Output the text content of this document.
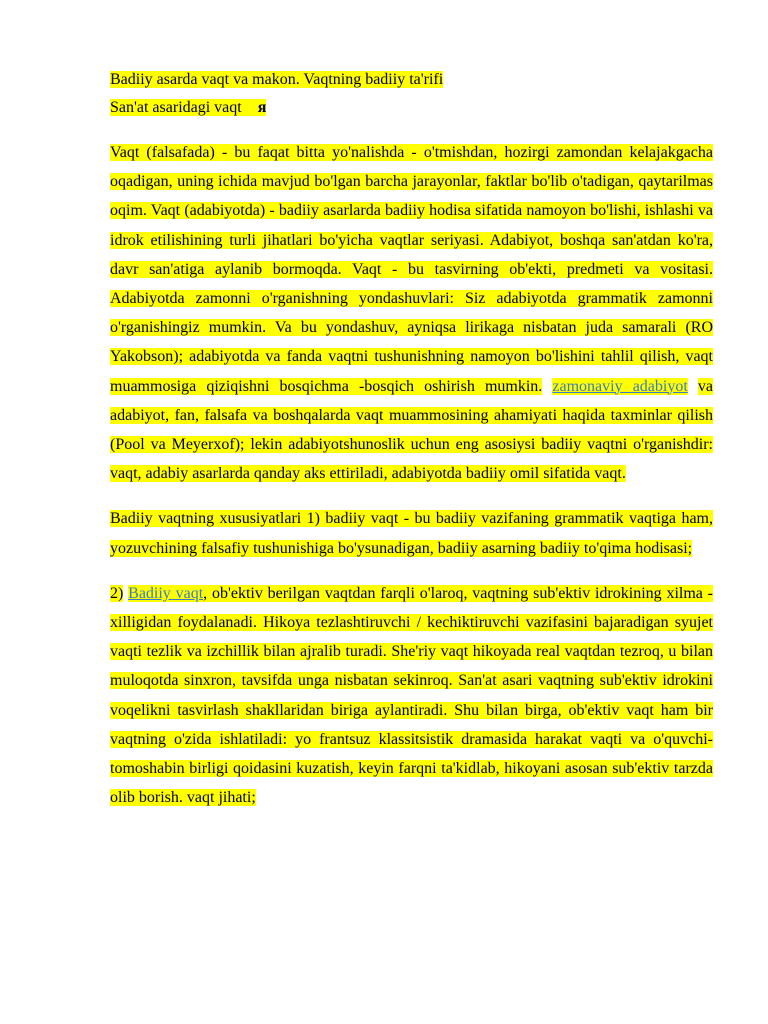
Badiiy asarda vaqt va makon. Vaqtning badiiy ta'rifi

San'at asaridagi vaqt я

Vaqt (falsafada) - bu faqat bitta yo'nalishda - o'tmishdan, hozirgi zamondan kelajakgacha oqadigan, uning ichida mavjud bo'lgan barcha jarayonlar, faktlar bo'lib o'tadigan, qaytarilmas oqim. Vaqt (adabiyotda) - badiiy asarlarda badiiy hodisa sifatida namoyon bo'lishi, ishlashi va idrok etilishining turli jihatlari bo'yicha vaqtlar seriyasi. Adabiyot, boshqa san'atdan ko'ra, davr san'atiga aylanib bormoqda. Vaqt - bu tasvirning ob'ekti, predmeti va vositasi. Adabiyotda zamonni o'rganishning yondashuvlari: Siz adabiyotda grammatik zamonni o'rganishingiz mumkin. Va bu yondashuv, ayniqsa lirikaga nisbatan juda samarali (RO Yakobson); adabiyotda va fanda vaqtni tushunishning namoyon bo'lishini tahlil qilish, vaqt muammosiga qiziqishni bosqichma -bosqich oshirish mumkin. zamonaviy adabiyot va adabiyot, fan, falsafa va boshqalarda vaqt muammosining ahamiyati haqida taxminlar qilish (Pool va Meyerxof); lekin adabiyotshunoslik uchun eng asosiysi badiiy vaqtni o'rganishdir: vaqt, adabiy asarlarda qanday aks ettiriladi, adabiyotda badiiy omil sifatida vaqt.

Badiiy vaqtning xususiyatlari 1) badiiy vaqt - bu badiiy vazifaning grammatik vaqtiga ham, yozuvchining falsafiy tushunishiga bo'ysunadigan, badiiy asarning badiiy to'qima hodisasi;

2) Badiiy vaqt, ob'ektiv berilgan vaqtdan farqli o'laroq, vaqtning sub'ektiv idrokining xilma -xilligidan foydalanadi. Hikoya tezlashtiruvchi / kechiktiruvchi vazifasini bajaradigan syujet vaqti tezlik va izchillik bilan ajralib turadi. She'riy vaqt hikoyada real vaqtdan tezroq, u bilan muloqotda sinxron, tavsifda unga nisbatan sekinroq. San'at asari vaqtning sub'ektiv idrokini voqelikni tasvirlash shakllaridan biriga aylantiradi. Shu bilan birga, ob'ektiv vaqt ham bir vaqtning o'zida ishlatiladi: yo frantsuz klassitsistik dramasida harakat vaqti va o'quvchi-tomoshabin birligi qoidasini kuzatish, keyin farqni ta'kidlab, hikoyani asosan sub'ektiv tarzda olib borish. vaqt jihati;
